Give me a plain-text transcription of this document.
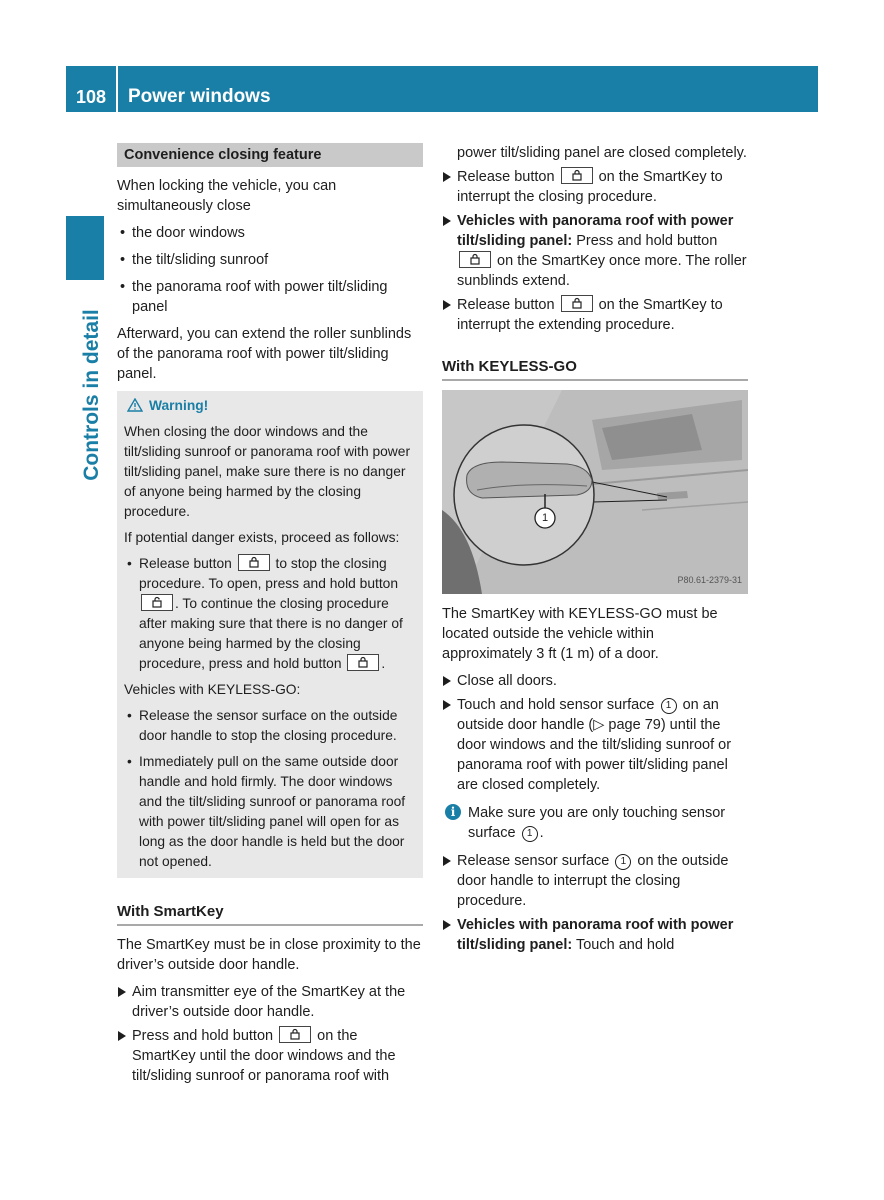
108	Power windows
Controls in detail
Convenience closing feature

When locking the vehicle, you can simultaneously close

• the door windows
• the tilt/sliding sunroof
• the panorama roof with power tilt/sliding panel

Afterward, you can extend the roller sunblinds of the panorama roof with power tilt/sliding panel.

Warning!

When closing the door windows and the tilt/sliding sunroof or panorama roof with power tilt/sliding panel, make sure there is no danger of anyone being harmed by the closing procedure.

If potential danger exists, proceed as follows:

• Release button	to stop the closing procedure. To open, press and hold button
. To continue the closing procedure after making sure that there is no danger of anyone being harmed by the closing procedure, press and hold button	.

Vehicles with KEYLESS-GO:

• Release the sensor surface on the outside door handle to stop the closing procedure.
• Immediately pull on the same outside door handle and hold firmly. The door windows and the tilt/sliding sunroof or panorama roof with power tilt/sliding panel will open for as long as the door handle is held but the door not opened.
With SmartKey

The SmartKey must be in close proximity to the driver’s outside door handle.

Aim transmitter eye of the SmartKey at the driver’s outside door handle.
Press and hold button	on the SmartKey until the door windows and the tilt/sliding sunroof or panorama roof with
power tilt/sliding panel are closed completely.
Release button	on the SmartKey to interrupt the closing procedure.
Vehicles with panorama roof with power tilt/sliding panel: Press and hold button
on the SmartKey once more. The roller sunblinds extend.
Release button	on the SmartKey to interrupt the extending procedure.
With KEYLESS-GO
1
P80.61-2379-31

The SmartKey with KEYLESS-GO must be located outside the vehicle within approximately 3 ft (1 m) of a door.

Close all doors.
Touch and hold sensor surface 1 on an outside door handle (▷ page 79) until the door windows and the tilt/sliding sunroof or panorama roof with power tilt/sliding panel are closed completely.
i Make sure you are only touching sensor surface 1 .
Release sensor surface 1 on the outside door handle to interrupt the closing procedure.
Vehicles with panorama roof with power tilt/sliding panel: Touch and hold
